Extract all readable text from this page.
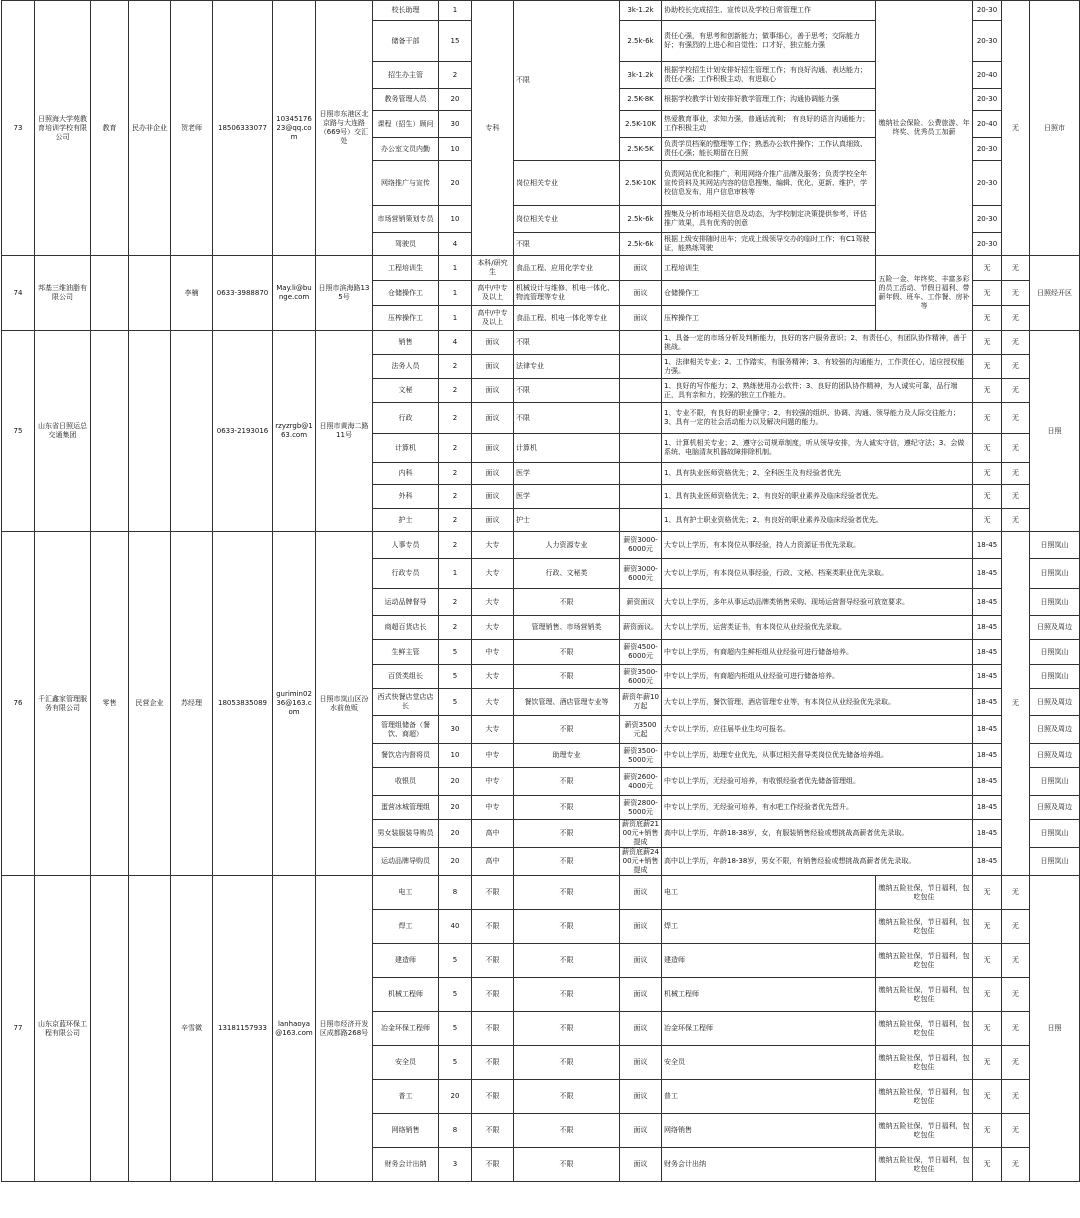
73	日照海大学苑教育培训学校有限公司	教育	民办非企业	贺老师	18506333077	1034517623@qq.com	日照市东港区北京路与大连路（669号）交汇处	校长助理	1	专科	不限	3k-1.2k	协助校长完成招生、宣传以及学校日常管理工作	缴纳社会保险、公费旅游、年终奖、优秀员工加薪	20-30	无	日照市
								储备干部	15			2.5k-6k	责任心强，有思考和创新能力；做事细心，善于思考；交际能力好；有强烈的上进心和自觉性；口才好，独立能力强		20-30		
								招生办主管	2			3k-1.2k	根据学校招生计划安排好招生管理工作；有良好沟通、表达能力；责任心强；工作积极主动，有进取心		20-40		
								教务管理人员	20			2.5K-8K	根据学校教学计划安排好教学管理工作；沟通协调能力强		20-30		
								课程（招生）顾问	30			2.5K-10K	热爱教育事业，求知力强，普通话流利； 有良好的语言沟通能力；工作积极主动		20-40		
								办公室文员内勤	10			2.5K-5K	负责学员档案的整理等工作；熟悉办公软件操作；工作认真细致、责任心强；能长期留在日照		20-30		
								网络推广与宣传	20		岗位相关专业	2.5K-10K	负责网站优化和推广，利用网络介推广品牌及服务；负责学校全年宣传资料及其网站内容的信息搜集、编辑、优化、更新、维护，学校信息发布，用户信息审核等		20-30		
								市场营销策划专员	10		岗位相关专业	2.5k-6k	搜集及分析市场相关信息及动态，为学校制定决策提供参考，评估推广效果，具有优秀的创意		20-30		
								驾驶员	4		不限	2.5k-6k	根据上级安排随时出车；完成上级领导交办的临时工作；有C1驾驶证，能熟练驾驶		20-30		
74	邦基三维油脂有限公司			李楠	0633-3988870	May.li@bunge.com	日照市滨海路135号	工程培训生	1	本科/研究生	食品工程、应用化学专业	面议	工程培训生	五险一金、年终奖、丰富多彩的员工活动、节假日福利、带薪年假、班车、工作餐、房补等	无	无	日照经开区
								仓储操作工	1	高中/中专及以上	机械设计与维修、机电一体化、物流管理等专业	面议	仓储操作工		无	无	
								压榨操作工	1	高中/中专及以上	食品工程、机电一体化等专业	面议	压榨操作工		无	无	
75	山东省日照运总交通集团				0633-2193016	rzyzrgb@163.com	日照市黄海二路11号	销售	4	面议	不限		1、具备一定的市场分析及判断能力，良好的客户服务意识；2、有责任心，有团队协作精神，善于挑战。		无	无	日照
								法务人员	2	面议	法律专业		1、法律相关专业；2、工作踏实，有服务精神；3、有较强的沟通能力，工作责任心，适应授权能力强。		无	无	
								文秘	2	面议	不限		1、良好的写作能力；2、熟练使用办公软件；3、良好的团队协作精神，为人诚实可靠，品行端正，具有亲和力，较强的独立工作能力。		无	无	
								行政	2	面议	不限		1、专业不限，有良好的职业操守；2、有较强的组织、协调、沟通、领导能力及人际交往能力；3、具有一定的社会活动能力以及解决问题的能力。		无	无	
								计算机	2	面议	计算机		1、计算机相关专业；2、遵守公司规章制度，听从领导安排，为人诚实守信，遵纪守法；3、会做系统、电脑清灰机器故障排除机制。		无	无	
								内科	2	面议	医学		1、具有执业医师资格优先；2、全科医生及有经验者优先		无	无	
								外科	2	面议	医学		1、具有执业医师资格优先；2、有良好的职业素养及临床经验者优先。		无	无	
								护士	2	面议	护士		1、具有护士职业资格优先；2、有良好的职业素养及临床经验者优先。		无	无	
76	千汇鑫家管理服务有限公司	零售	民营企业	苏经理	18053835089	gurimin0236@163.com	日照市岚山区汾水前鱼贩	人事专员	2	大专	人力资源专业	薪资3000-6000元	大专以上学历，有本岗位从事经验，持人力资源证书优先录取。		18-45	无	日照岚山
								行政专员	1	大专	行政、文秘类	薪资3000-6000元	大专以上学历，有本岗位从事经验，行政、文秘、档案类职业优先录取。		18-45		日照岚山
								运动品牌督导	2	大专	不限	薪资面议	大专以上学历，多年从事运动品牌类销售采购、现场运营督导经验可放宽要求。		18-45		日照岚山
								商超百货店长	2	大专	管理销售、市场营销类	薪资面议。	大专以上学历，运营类证书，有本岗位从业经验优先录取。		18-45		日照及周边
								生鲜主管	5	中专	不限	薪资4500-6000元	中专以上学历，有商超内生鲜柜组从业经验可进行储备培养。		18-45		日照岚山
								百货类组长	5	大专	不限	薪资3500-6000元	中专以上学历，有商超内柜组从业经验可进行储备培养。		18-45		日照岚山
								西式快餐店堂店店长	5	大专	餐饮管理、酒店管理专业等	薪资年薪10万起	大专以上学历，餐饮管理、酒店管理专业等，有本岗位从业经验优先录取。		18-45		日照及周边
								管理组储备（餐饮、商超）	30	大专	不限	薪资3500元起	大专以上学历，应往届毕业生均可报名。		18-45		日照及周边
								餐饮店内督将员	10	中专	助理专业	薪资3500-5000元	中专以上学历，助理专业优先，从事过相关督导类岗位优先储备培养组。		18-45		日照及周边
								收银员	20	中专	不限	薪资2600-4000元	中专以上学历，无经验可培养，有收银经验者优先储备管理组。		18-45		日照岚山
								蛋营冰城管理组	20	中专	不限	薪资2800-5000元	中专以上学历，无经验可培养，有水吧工作经验者优先晋升。		18-45		日照及周边
								男女装服装导购员	20	高中	不限	薪资底薪2100元+销售提成	高中以上学历，年龄18-38岁，女，有服装销售经验或想挑战高薪者优先录取。		18-45		日照岚山
								运动品牌导购员	20	高中	不限	薪资底薪2400元+销售提成	高中以上学历，年龄18-38岁，男女不限，有销售经验或想挑战高薪者优先录取。		18-45		日照岚山
77	山东京蓝环保工程有限公司			辛雪微	13181157933	lanhaoya@163.com	日照市经济开发区成都路268号	电工	8	不限	不限	面议	电工	缴纳五险社保，节日福利，包吃包住	无	无	日照
								焊工	40	不限	不限	面议	焊工	缴纳五险社保，节日福利，包吃包住	无	无	
								建造师	5	不限	不限	面议	建造师	缴纳五险社保，节日福利，包吃包住	无	无	
								机械工程师	5	不限	不限	面议	机械工程师	缴纳五险社保，节日福利，包吃包住	无	无	
								冶金环保工程师	5	不限	不限	面议	冶金环保工程师	缴纳五险社保，节日福利，包吃包住	无	无	
								安全员	5	不限	不限	面议	安全员	缴纳五险社保，节日福利，包吃包住	无	无	
								普工	20	不限	不限	面议	普工	缴纳五险社保，节日福利，包吃包住	无	无	
								网络销售	8	不限	不限	面议	网络销售	缴纳五险社保，节日福利，包吃包住	无	无	
								财务会计出纳	3	不限	不限	面议	财务会计出纳	缴纳五险社保，节日福利，包吃包住	无	无	
